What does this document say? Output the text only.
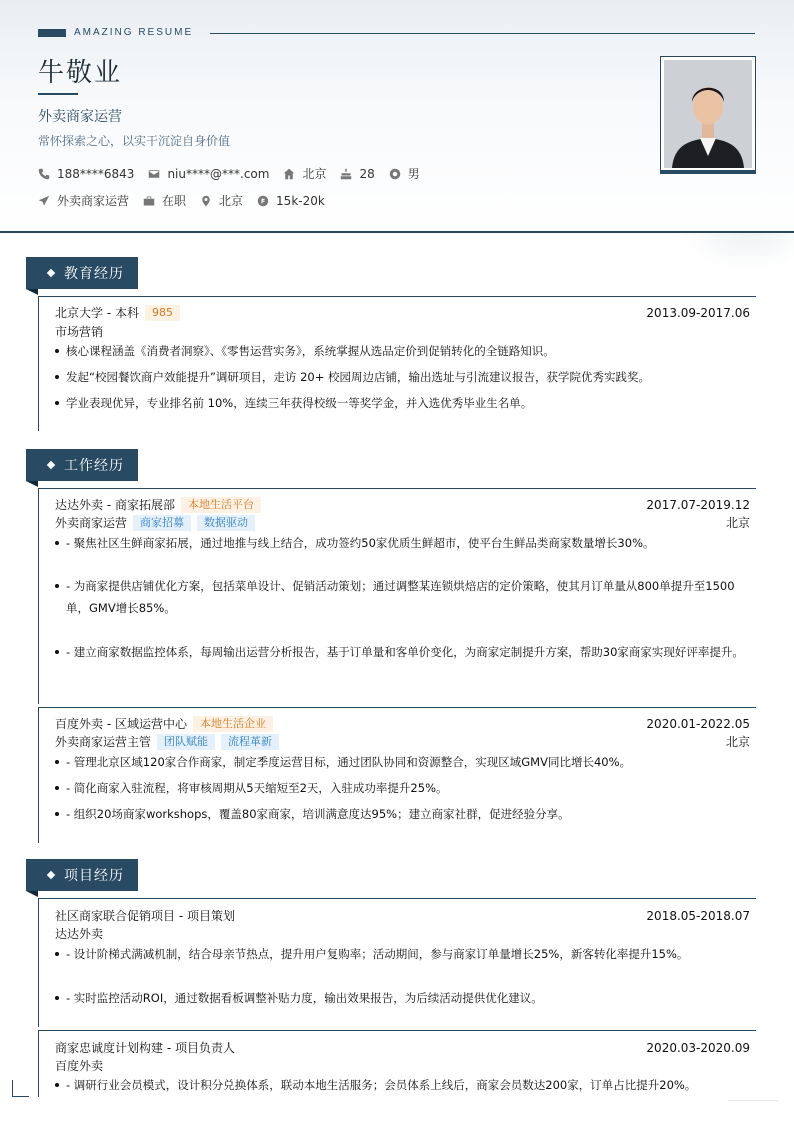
AMAZING RESUME
牛敬业
外卖商家运营
常怀探索之心，以实干沉淀自身价值
188****6843	niu****@***.com	北京	28	男
外卖商家运营	在职	北京	15k-20k
教育经历
北京大学 - 本科	985	2013.09-2017.06
市场营销
核心课程涵盖《消费者洞察》、《零售运营实务》，系统掌握从选品定价到促销转化的全链路知识。
发起“校园餐饮商户效能提升”调研项目，走访 20+ 校园周边店铺，输出选址与引流建议报告，获学院优秀实践奖。
学业表现优异，专业排名前 10%，连续三年获得校级一等奖学金，并入选优秀毕业生名单。
工作经历
达达外卖 - 商家拓展部	本地生活平台	2017.07-2019.12
外卖商家运营	商家招募	数据驱动	北京
- 聚焦社区生鲜商家拓展，通过地推与线上结合，成功签约50家优质生鲜超市，使平台生鲜品类商家数量增长30%。
- 为商家提供店铺优化方案，包括菜单设计、促销活动策划；通过调整某连锁烘焙店的定价策略，使其月订单量从800单提升至1500单，GMV增长85%。
- 建立商家数据监控体系，每周输出运营分析报告，基于订单量和客单价变化，为商家定制提升方案，帮助30家商家实现好评率提升。
百度外卖 - 区域运营中心	本地生活企业	2020.01-2022.05
外卖商家运营主管	团队赋能	流程革新	北京
- 管理北京区域120家合作商家，制定季度运营目标，通过团队协同和资源整合，实现区域GMV同比增长40%。
- 简化商家入驻流程，将审核周期从5天缩短至2天，入驻成功率提升25%。
- 组织20场商家workshops，覆盖80家商家，培训满意度达95%；建立商家社群，促进经验分享。
项目经历
社区商家联合促销项目 - 项目策划	2018.05-2018.07
达达外卖
- 设计阶梯式满减机制，结合母亲节热点，提升用户复购率；活动期间，参与商家订单量增长25%，新客转化率提升15%。
- 实时监控活动ROI，通过数据看板调整补贴力度，输出效果报告，为后续活动提供优化建议。
商家忠诚度计划构建 - 项目负责人	2020.03-2020.09
百度外卖
- 调研行业会员模式，设计积分兑换体系，联动本地生活服务；会员体系上线后，商家会员数达200家，订单占比提升20%。
